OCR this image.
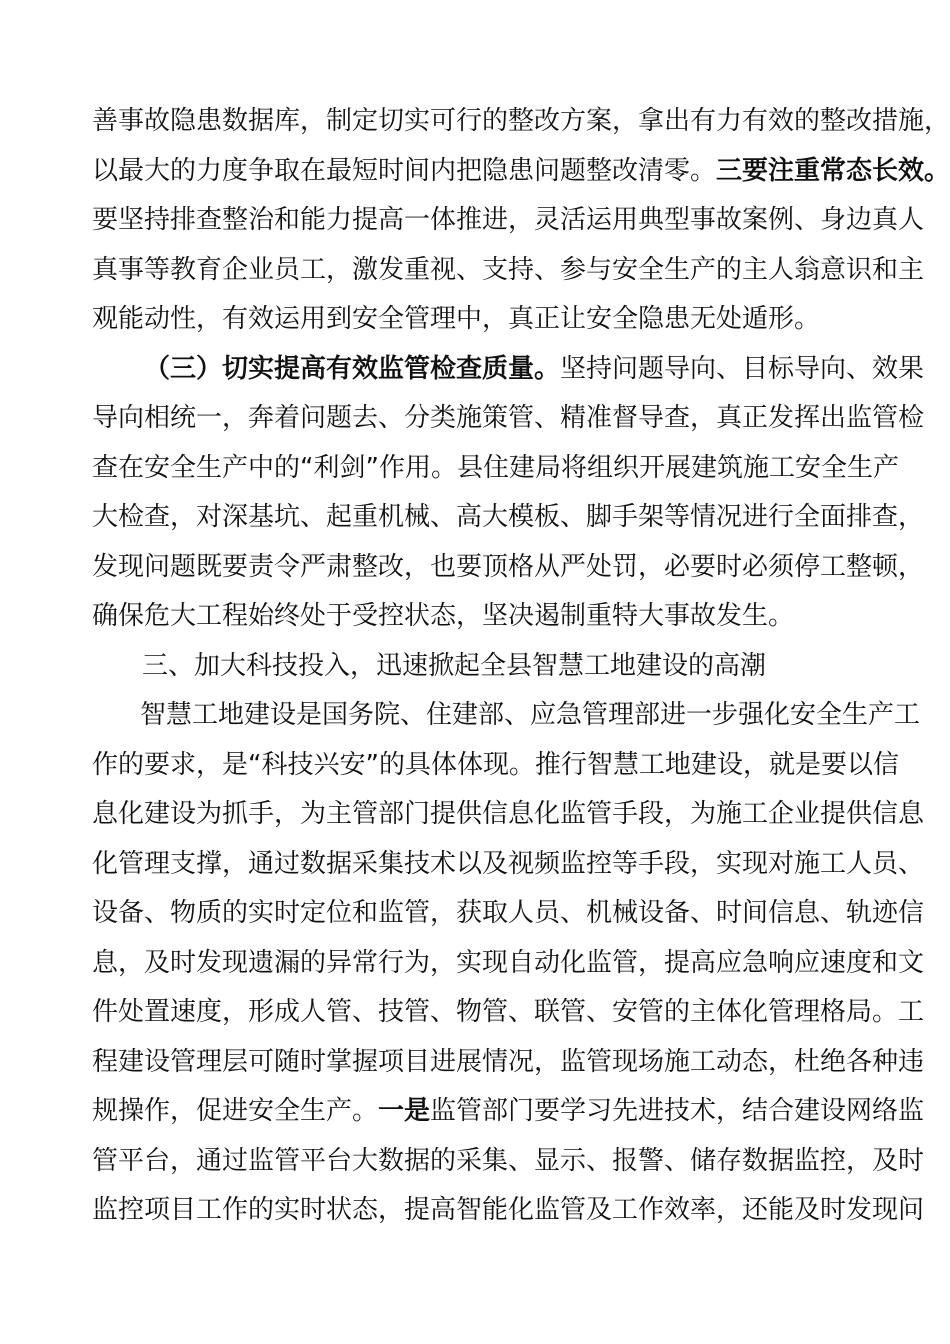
善事故隐患数据库，制定切实可行的整改方案，拿出有力有效的整改措施，
以最大的力度争取在最短时间内把隐患问题整改清零。三要注重常态长效。
要坚持排查整治和能力提高一体推进，灵活运用典型事故案例、身边真人
真事等教育企业员工，激发重视、支持、参与安全生产的主人翁意识和主
观能动性，有效运用到安全管理中，真正让安全隐患无处遁形。
（三）切实提高有效监管检查质量。坚持问题导向、目标导向、效果
导向相统一，奔着问题去、分类施策管、精准督导查，真正发挥出监管检
查在安全生产中的“利剑”作用。县住建局将组织开展建筑施工安全生产
大检查，对深基坑、起重机械、高大模板、脚手架等情况进行全面排查，
发现问题既要责令严肃整改，也要顶格从严处罚，必要时必须停工整顿，
确保危大工程始终处于受控状态，坚决遏制重特大事故发生。
三、加大科技投入，迅速掀起全县智慧工地建设的高潮
智慧工地建设是国务院、住建部、应急管理部进一步强化安全生产工
作的要求，是“科技兴安”的具体体现。推行智慧工地建设，就是要以信
息化建设为抓手，为主管部门提供信息化监管手段，为施工企业提供信息
化管理支撑，通过数据采集技术以及视频监控等手段，实现对施工人员、
设备、物质的实时定位和监管，获取人员、机械设备、时间信息、轨迹信
息，及时发现遗漏的异常行为，实现自动化监管，提高应急响应速度和文
件处置速度，形成人管、技管、物管、联管、安管的主体化管理格局。工
程建设管理层可随时掌握项目进展情况，监管现场施工动态，杜绝各种违
规操作，促进安全生产。一是监管部门要学习先进技术，结合建设网络监
管平台，通过监管平台大数据的采集、显示、报警、储存数据监控，及时
监控项目工作的实时状态，提高智能化监管及工作效率，还能及时发现问
